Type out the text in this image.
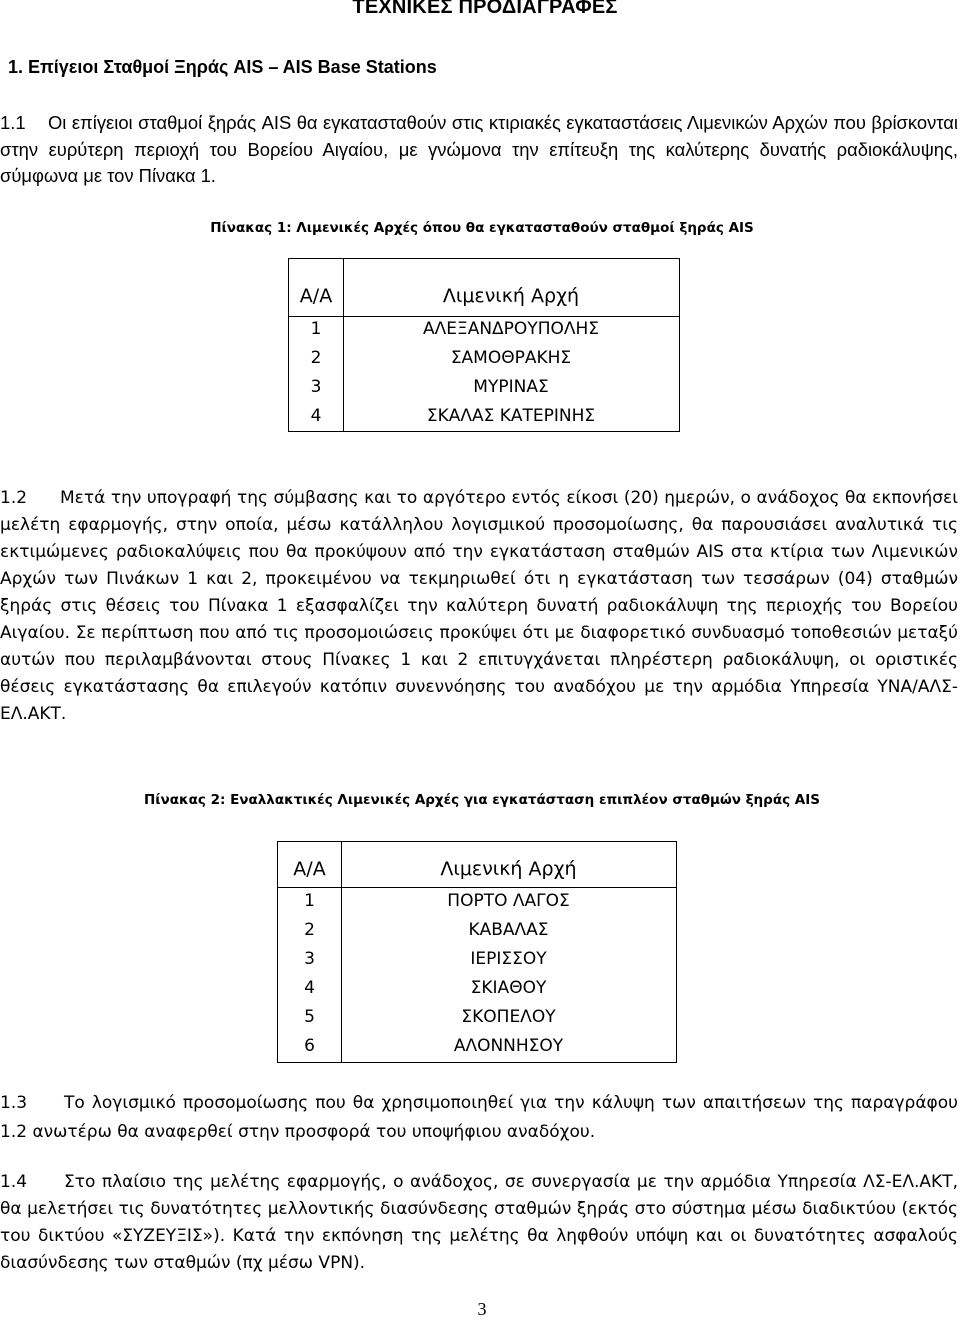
ΤΕΧΝΙΚΕΣ ΠΡΟΔΙΑΓΡΑΦΕΣ
1. Επίγειοι Σταθμοί Ξηράς AIS – AIS Base Stations
1.1 Οι επίγειοι σταθμοί ξηράς AIS θα εγκατασταθούν στις κτιριακές εγκαταστάσεις Λιμενικών Αρχών που βρίσκονται στην ευρύτερη περιοχή του Βορείου Αιγαίου, με γνώμονα την επίτευξη της καλύτερης δυνατής ραδιοκάλυψης, σύμφωνα με τον Πίνακα 1.
Πίνακας 1: Λιμενικές Αρχές όπου θα εγκατασταθούν σταθμοί ξηράς AIS
Α/Α	Λιμενική Αρχή
1	ΑΛΕΞΑΝΔΡΟΥΠΟΛΗΣ
2	ΣΑΜΟΘΡΑΚΗΣ
3	ΜΥΡΙΝΑΣ
4	ΣΚΑΛΑΣ ΚΑΤΕΡΙΝΗΣ
1.2 Μετά την υπογραφή της σύμβασης και το αργότερο εντός είκοσι (20) ημερών, ο ανάδοχος θα εκπονήσει μελέτη εφαρμογής, στην οποία, μέσω κατάλληλου λογισμικού προσομοίωσης, θα παρουσιάσει αναλυτικά τις εκτιμώμενες ραδιοκαλύψεις που θα προκύψουν από την εγκατάσταση σταθμών AIS στα κτίρια των Λιμενικών Αρχών των Πινάκων 1 και 2, προκειμένου να τεκμηριωθεί ότι η εγκατάσταση των τεσσάρων (04) σταθμών ξηράς στις θέσεις του Πίνακα 1 εξασφαλίζει την καλύτερη δυνατή ραδιοκάλυψη της περιοχής του Βορείου Αιγαίου. Σε περίπτωση που από τις προσομοιώσεις προκύψει ότι με διαφορετικό συνδυασμό τοποθεσιών μεταξύ αυτών που περιλαμβάνονται στους Πίνακες 1 και 2 επιτυγχάνεται πληρέστερη ραδιοκάλυψη, οι οριστικές θέσεις εγκατάστασης θα επιλεγούν κατόπιν συνεννόησης του αναδόχου με την αρμόδια Υπηρεσία ΥΝΑ/ΑΛΣ-ΕΛ.ΑΚΤ.
Πίνακας 2: Εναλλακτικές Λιμενικές Αρχές για εγκατάσταση επιπλέον σταθμών ξηράς AIS
Α/Α	Λιμενική Αρχή
1	ΠΟΡΤΟ ΛΑΓΟΣ
2	ΚΑΒΑΛΑΣ
3	ΙΕΡΙΣΣΟΥ
4	ΣΚΙΑΘΟΥ
5	ΣΚΟΠΕΛΟΥ
6	ΑΛΟΝΝΗΣΟΥ
1.3 Το λογισμικό προσομοίωσης που θα χρησιμοποιηθεί για την κάλυψη των απαιτήσεων της παραγράφου 1.2 ανωτέρω θα αναφερθεί στην προσφορά του υποψήφιου αναδόχου.
1.4 Στο πλαίσιο της μελέτης εφαρμογής, ο ανάδοχος, σε συνεργασία με την αρμόδια Υπηρεσία ΛΣ-ΕΛ.ΑΚΤ, θα μελετήσει τις δυνατότητες μελλοντικής διασύνδεσης σταθμών ξηράς στο σύστημα μέσω διαδικτύου (εκτός του δικτύου «ΣΥΖΕΥΞΙΣ»). Κατά την εκπόνηση της μελέτης θα ληφθούν υπόψη και οι δυνατότητες ασφαλούς διασύνδεσης των σταθμών (πχ μέσω VPN).
3
